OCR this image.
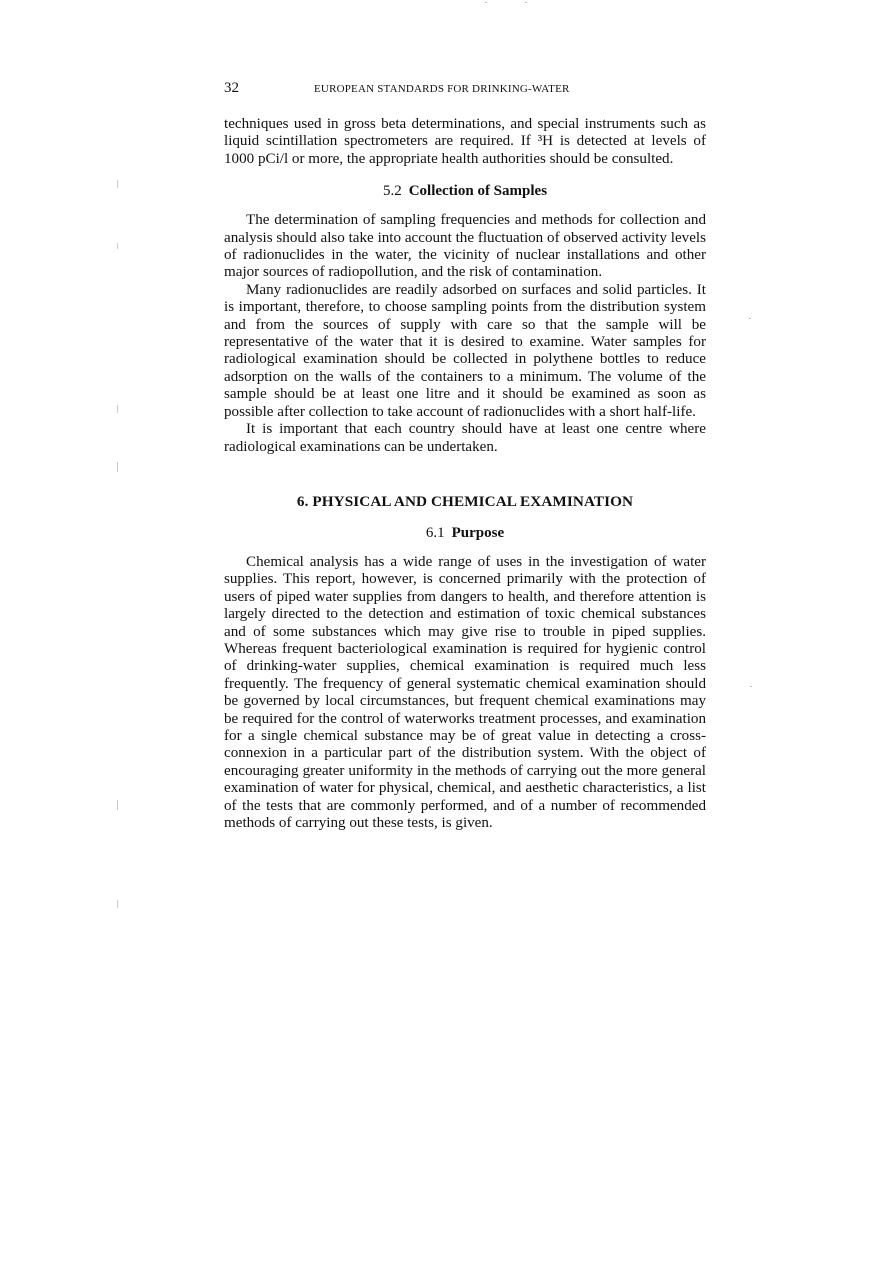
32	EUROPEAN STANDARDS FOR DRINKING-WATER

techniques used in gross beta determinations, and special instruments such as liquid scintillation spectrometers are required. If ³H is detected at levels of 1000 pCi/l or more, the appropriate health authorities should be consulted.

5.2 Collection of Samples

The determination of sampling frequencies and methods for collection and analysis should also take into account the fluctuation of observed activity levels of radionuclides in the water, the vicinity of nuclear installations and other major sources of radiopollution, and the risk of contamination.

Many radionuclides are readily adsorbed on surfaces and solid particles. It is important, therefore, to choose sampling points from the distribution system and from the sources of supply with care so that the sample will be representative of the water that it is desired to examine. Water samples for radiological examination should be collected in polythene bottles to reduce adsorption on the walls of the containers to a minimum. The volume of the sample should be at least one litre and it should be examined as soon as possible after collection to take account of radionuclides with a short half-life.

It is important that each country should have at least one centre where radiological examinations can be undertaken.

6. PHYSICAL AND CHEMICAL EXAMINATION
6.1 Purpose

Chemical analysis has a wide range of uses in the investigation of water supplies. This report, however, is concerned primarily with the protection of users of piped water supplies from dangers to health, and therefore attention is largely directed to the detection and estimation of toxic chemical substances and of some substances which may give rise to trouble in piped supplies. Whereas frequent bacteriological examination is required for hygienic control of drinking-water supplies, chemical examination is required much less frequently. The frequency of general systematic chemical examination should be governed by local circumstances, but frequent chemical examinations may be required for the control of waterworks treatment processes, and examination for a single chemical substance may be of great value in detecting a cross-connexion in a particular part of the distribution system. With the object of encouraging greater uniformity in the methods of carrying out the more general examination of water for physical, chemical, and aesthetic characteristics, a list of the tests that are commonly performed, and of a number of recommended methods of carrying out these tests, is given.
